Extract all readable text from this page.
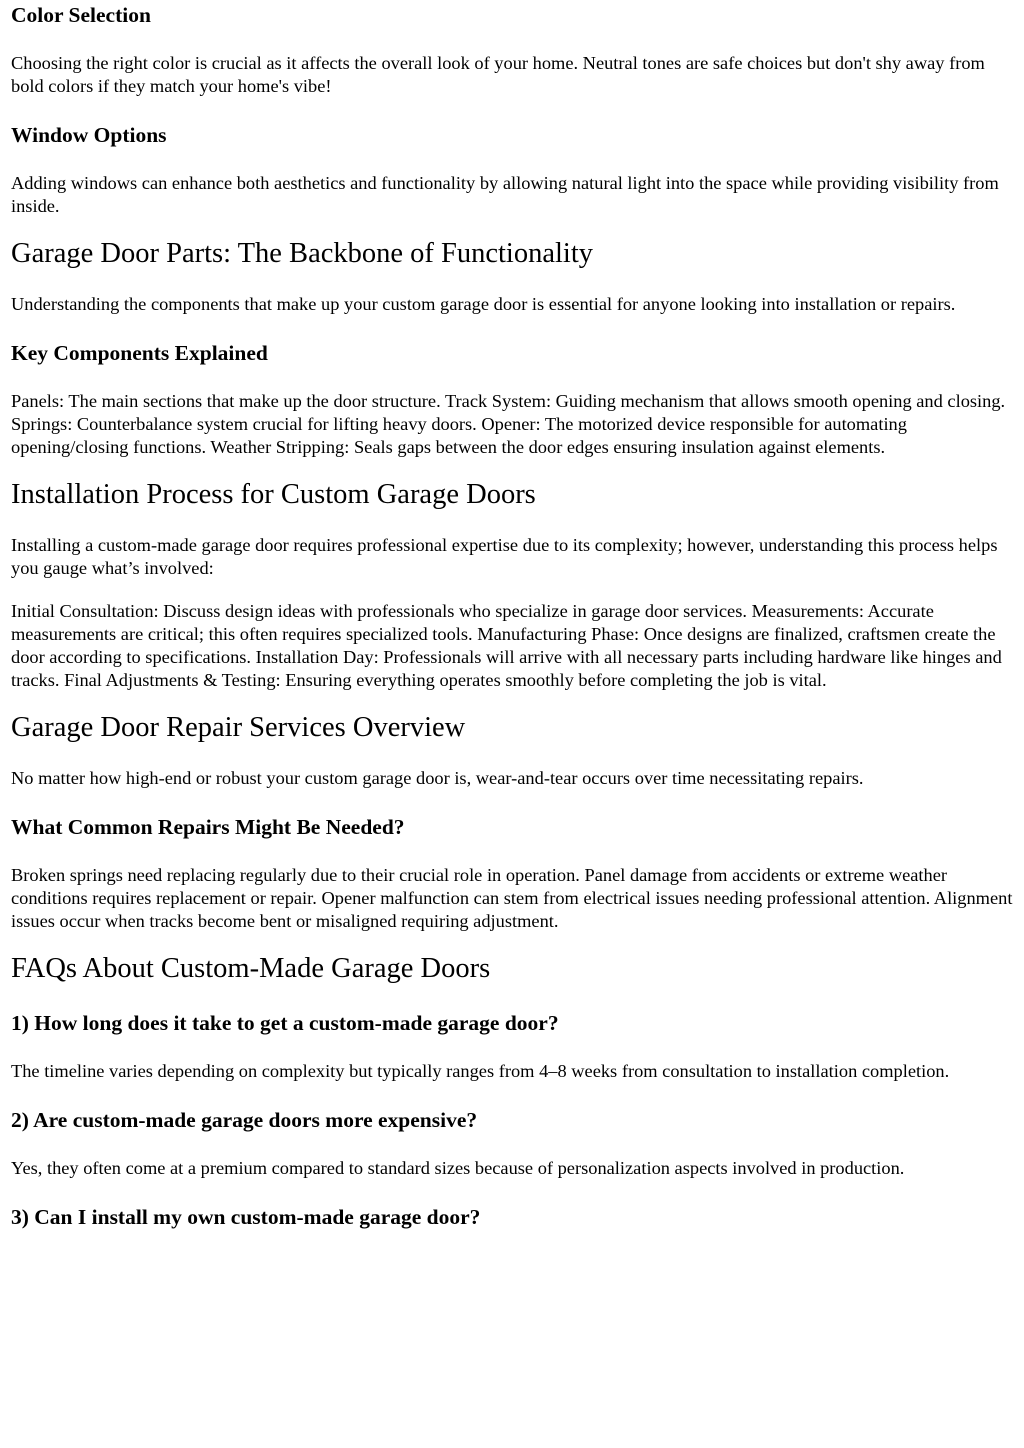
Color Selection

Choosing the right color is crucial as it affects the overall look of your home. Neutral tones are safe choices but don't shy away from bold colors if they match your home's vibe!

Window Options

Adding windows can enhance both aesthetics and functionality by allowing natural light into the space while providing visibility from inside.

Garage Door Parts: The Backbone of Functionality

Understanding the components that make up your custom garage door is essential for anyone looking into installation or repairs.

Key Components Explained

Panels: The main sections that make up the door structure. Track System: Guiding mechanism that allows smooth opening and closing. Springs: Counterbalance system crucial for lifting heavy doors. Opener: The motorized device responsible for automating opening/closing functions. Weather Stripping: Seals gaps between the door edges ensuring insulation against elements.

Installation Process for Custom Garage Doors

Installing a custom-made garage door requires professional expertise due to its complexity; however, understanding this process helps you gauge what’s involved:

Initial Consultation: Discuss design ideas with professionals who specialize in garage door services. Measurements: Accurate measurements are critical; this often requires specialized tools. Manufacturing Phase: Once designs are finalized, craftsmen create the door according to specifications. Installation Day: Professionals will arrive with all necessary parts including hardware like hinges and tracks. Final Adjustments & Testing: Ensuring everything operates smoothly before completing the job is vital.

Garage Door Repair Services Overview

No matter how high-end or robust your custom garage door is, wear-and-tear occurs over time necessitating repairs.

What Common Repairs Might Be Needed?

Broken springs need replacing regularly due to their crucial role in operation. Panel damage from accidents or extreme weather conditions requires replacement or repair. Opener malfunction can stem from electrical issues needing professional attention. Alignment issues occur when tracks become bent or misaligned requiring adjustment.

FAQs About Custom-Made Garage Doors
1) How long does it take to get a custom-made garage door?

The timeline varies depending on complexity but typically ranges from 4–8 weeks from consultation to installation completion.

2) Are custom-made garage doors more expensive?

Yes, they often come at a premium compared to standard sizes because of personalization aspects involved in production.

3) Can I install my own custom-made garage door?
